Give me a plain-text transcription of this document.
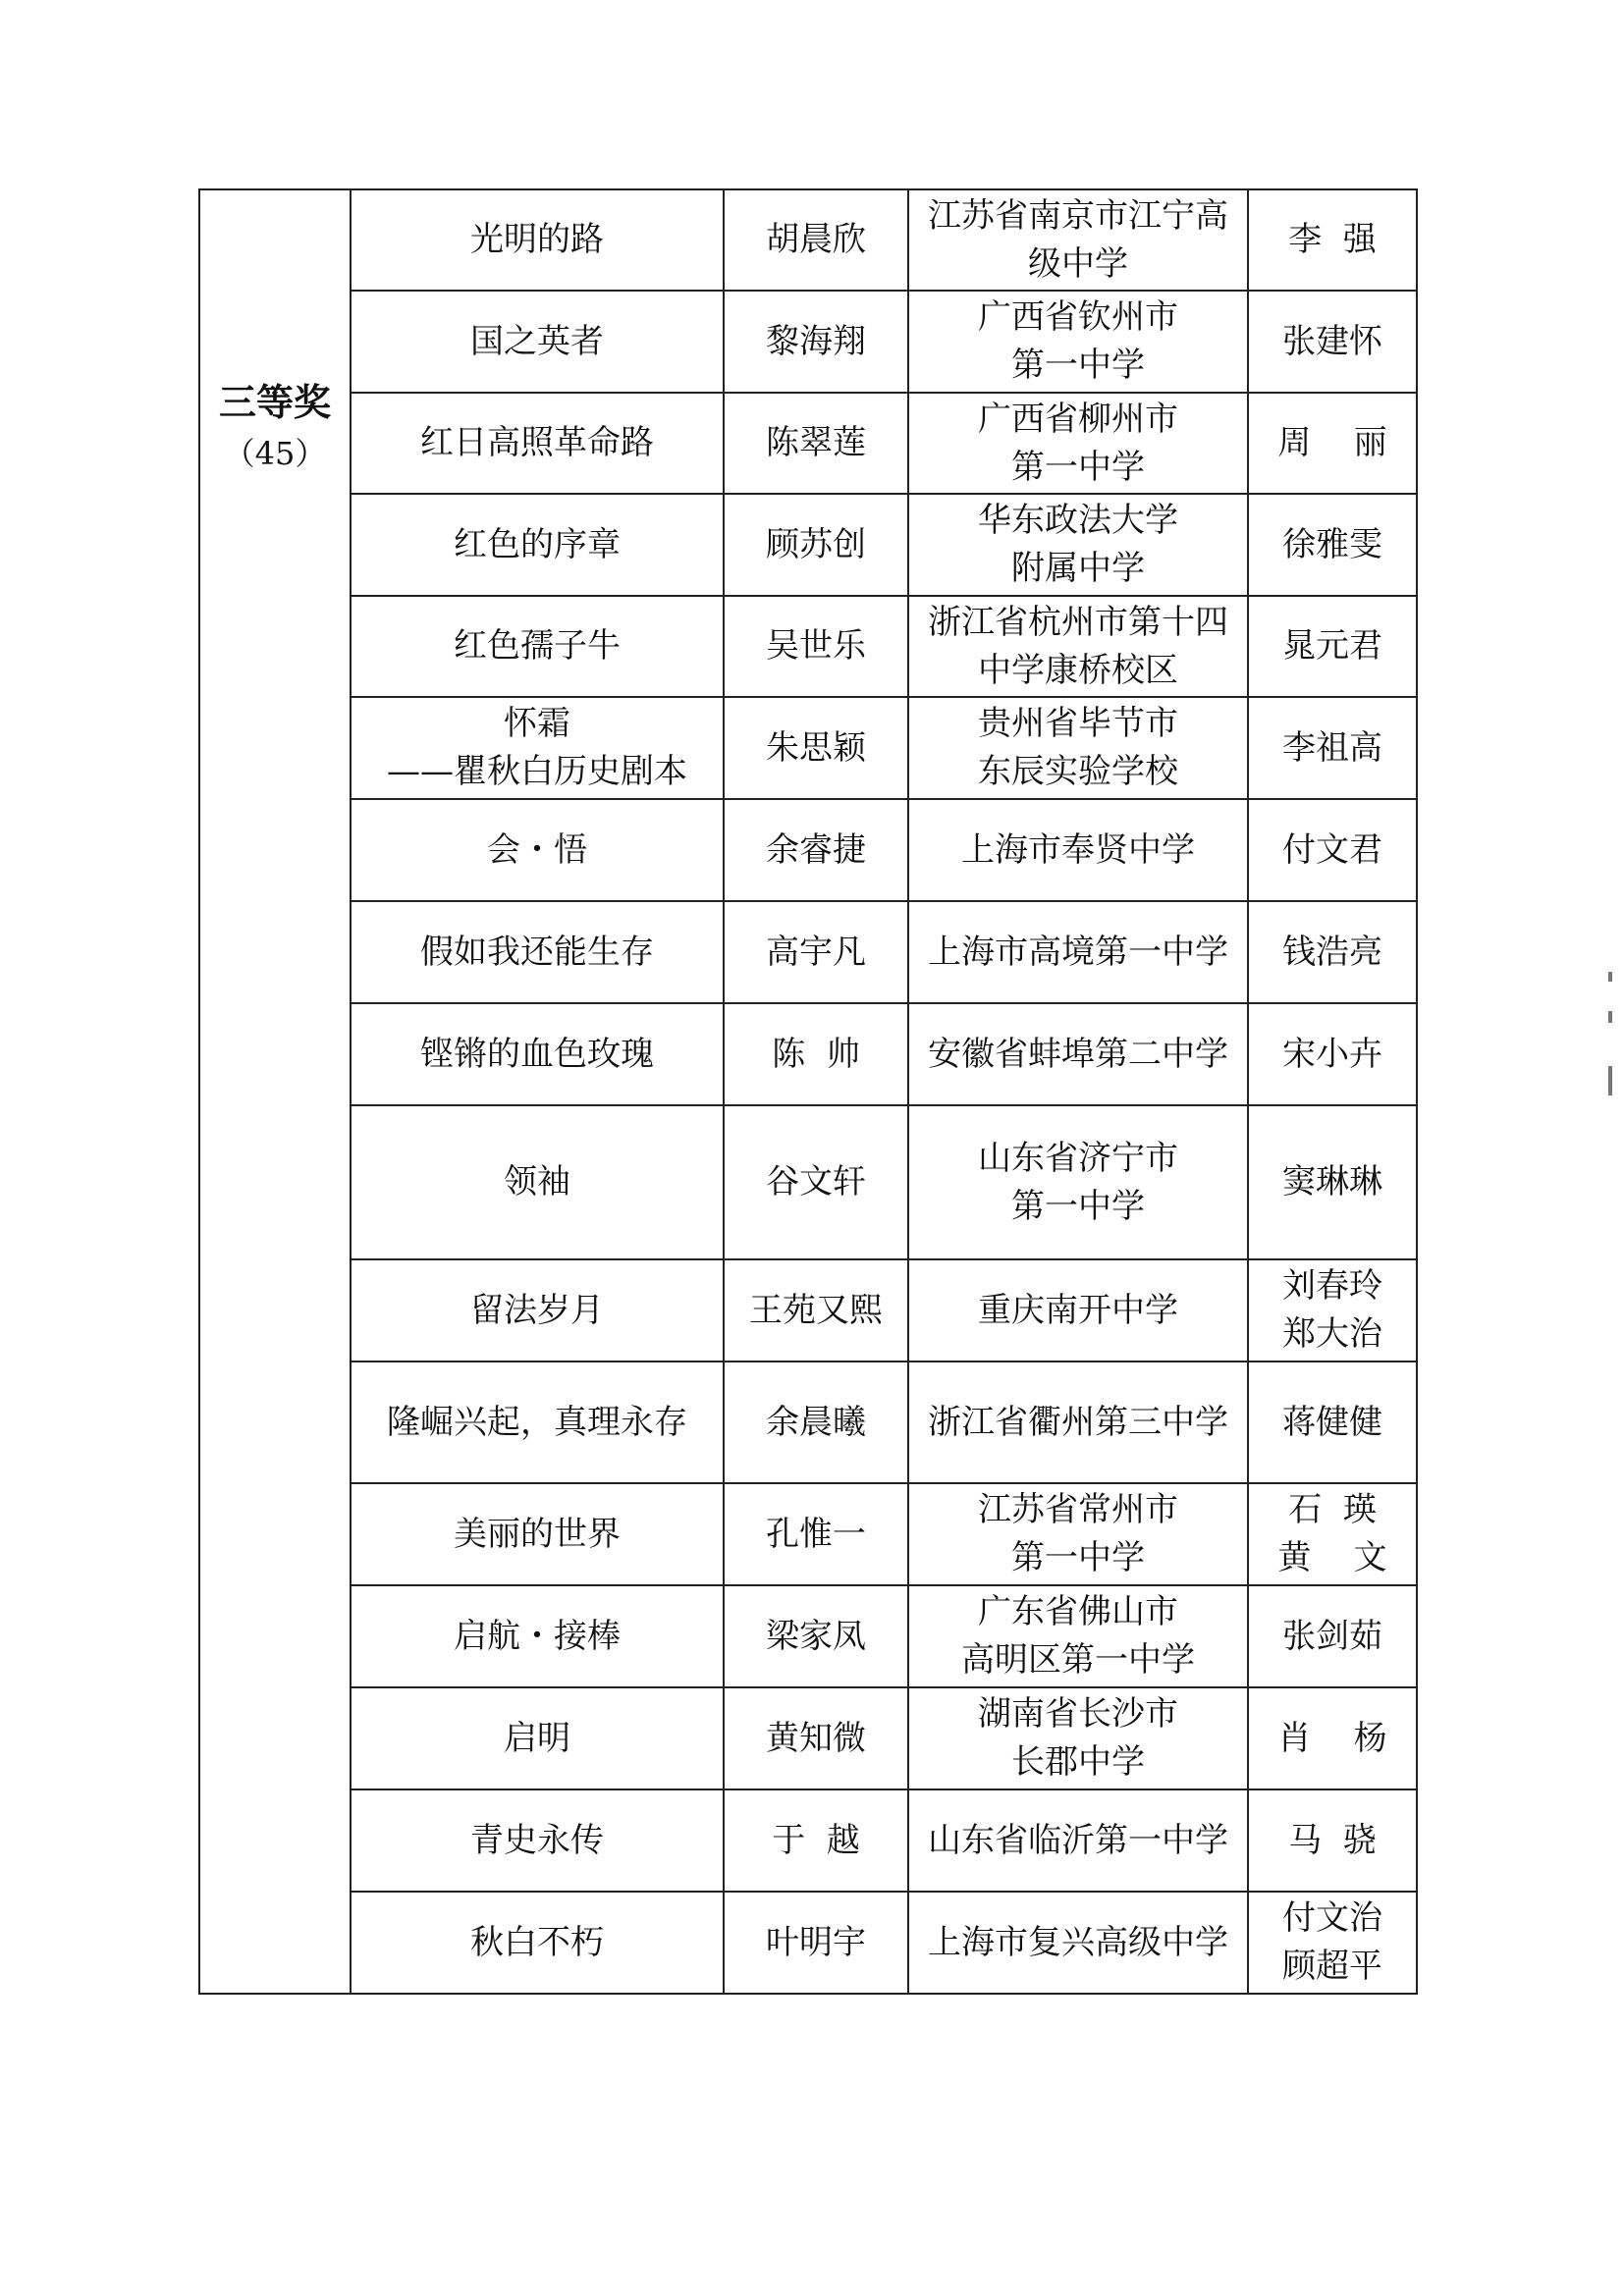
三等奖
（45）	光明的路	胡晨欣	江苏省南京市江宁高
级中学	李  强

	国之英者	黎海翔	广西省钦州市
第一中学	张建怀

	红日高照革命路	陈翠莲	广西省柳州市
第一中学	周    丽

	红色的序章	顾苏创	华东政法大学
附属中学	徐雅雯

	红色孺子牛	吴世乐	浙江省杭州市第十四
中学康桥校区	晁元君

	怀霜
——瞿秋白历史剧本	朱思颖	贵州省毕节市
东辰实验学校	李祖高

	会・悟	余睿捷	上海市奉贤中学	付文君

	假如我还能生存	高宇凡	上海市高境第一中学	钱浩亮

	铿锵的血色玫瑰	陈  帅	安徽省蚌埠第二中学	宋小卉

	领袖	谷文轩	山东省济宁市
第一中学	窦琳琳

	留法岁月	王苑又熙	重庆南开中学	刘春玲
郑大治

	隆崛兴起，真理永存	余晨曦	浙江省衢州第三中学	蒋健健

	美丽的世界	孔惟一	江苏省常州市
第一中学	石  瑛
黄    文

	启航・接棒	梁家凤	广东省佛山市
高明区第一中学	张剑茹

	启明	黄知微	湖南省长沙市
长郡中学	肖    杨

	青史永传	于  越	山东省临沂第一中学	马  骁

	秋白不朽	叶明宇	上海市复兴高级中学	付文治
顾超平
